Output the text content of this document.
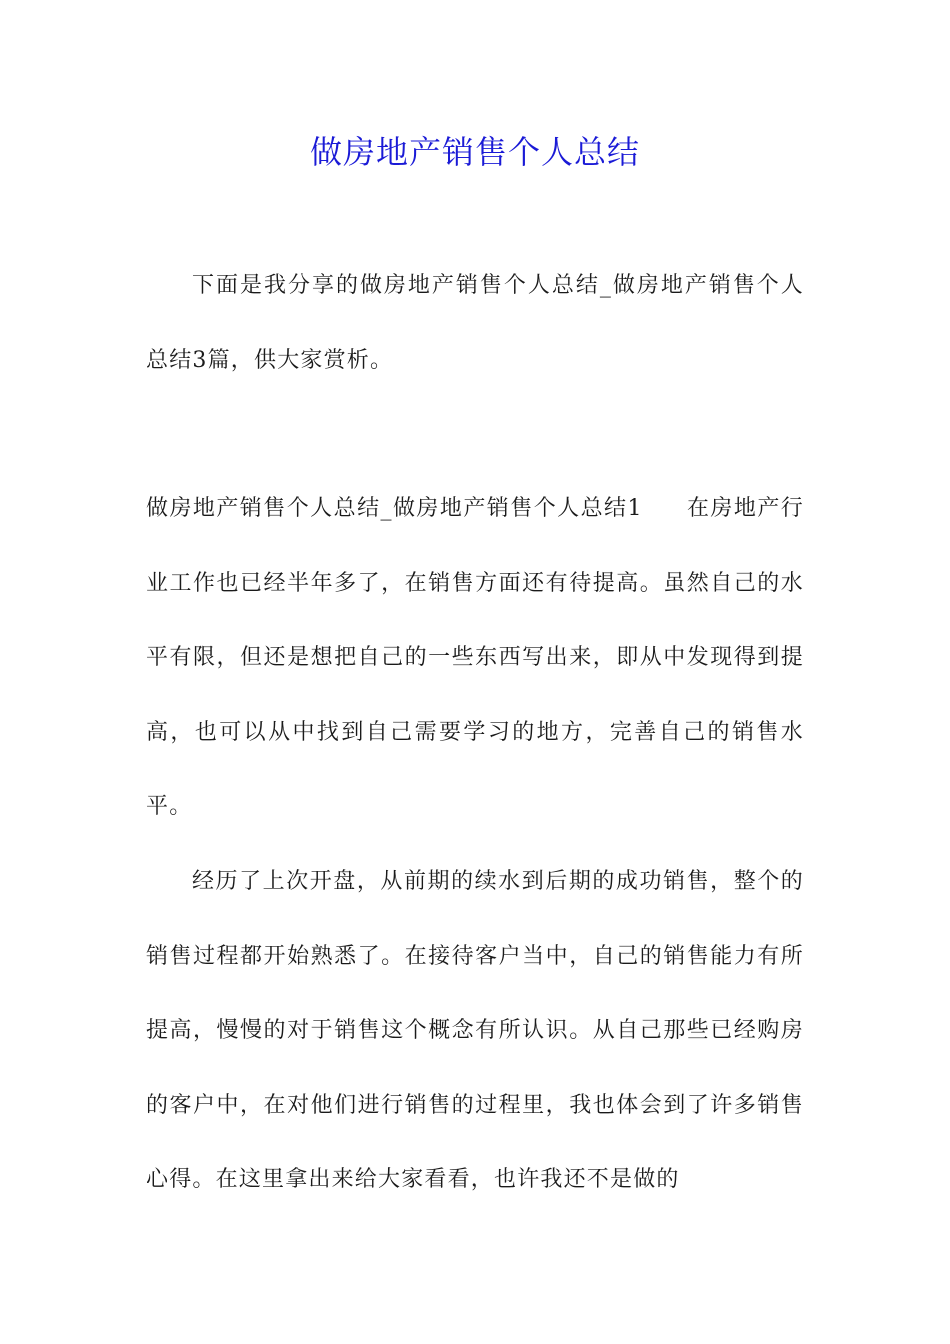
做房地产销售个人总结

下面是我分享的做房地产销售个人总结_做房地产销售个人总结3篇，供大家赏析。

做房地产销售个人总结_做房地产销售个人总结1 在房地产行业工作也已经半年多了，在销售方面还有待提高。虽然自己的水平有限，但还是想把自己的一些东西写出来，即从中发现得到提高，也可以从中找到自己需要学习的地方，完善自己的销售水平。

经历了上次开盘，从前期的续水到后期的成功销售，整个的销售过程都开始熟悉了。在接待客户当中，自己的销售能力有所提高，慢慢的对于销售这个概念有所认识。从自己那些已经购房的客户中，在对他们进行销售的过程里，我也体会到了许多销售心得。在这里拿出来给大家看看，也许我还不是做的
